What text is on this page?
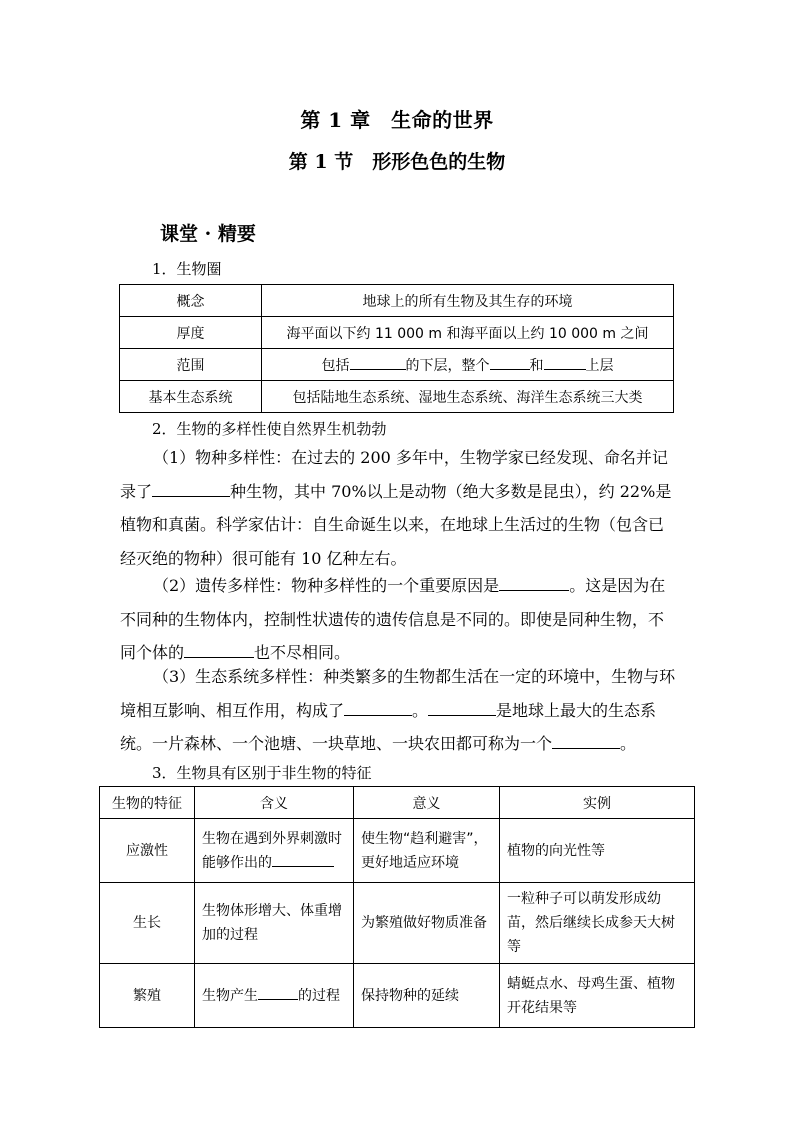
第 1 章　生命的世界
第 1 节　形形色色的生物
课堂 · 精要
1．生物圈
概念	地球上的所有生物及其生存的环境
厚度	海平面以下约 11 000 m 和海平面以上约 10 000 m 之间
范围	包括 的下层，整个 和 上层
基本生态系统	包括陆地生态系统、湿地生态系统、海洋生态系统三大类
2．生物的多样性使自然界生机勃勃
（1）物种多样性：在过去的 200 多年中，生物学家已经发现、命名并记录了	种生物，其中 70%以上是动物（绝大多数是昆虫），约 22%是植物和真菌。科学家估计：自生命诞生以来，在地球上生活过的生物（包含已经灭绝的物种）很可能有 10 亿种左右。
（2）遗传多样性：物种多样性的一个重要原因是	。这是因为在不同种的生物体内，控制性状遗传的遗传信息是不同的。即使是同种生物，不同个体的	也不尽相同。
（3）生态系统多样性：种类繁多的生物都生活在一定的环境中，生物与环境相互影响、相互作用，构成了	。	是地球上最大的生态系统。一片森林、一个池塘、一块草地、一块农田都可称为一个	。
3．生物具有区别于非生物的特征
生物的特征	含义	意义	实例
应激性	生物在遇到外界刺激时能够作出的	使生物“趋利避害”，更好地适应环境	植物的向光性等
生长	生物体形增大、体重增加的过程	为繁殖做好物质准备	一粒种子可以萌发形成幼苗，然后继续长成参天大树等
繁殖	生物产生 的过程	保持物种的延续	蜻蜓点水、母鸡生蛋、植物开花结果等
